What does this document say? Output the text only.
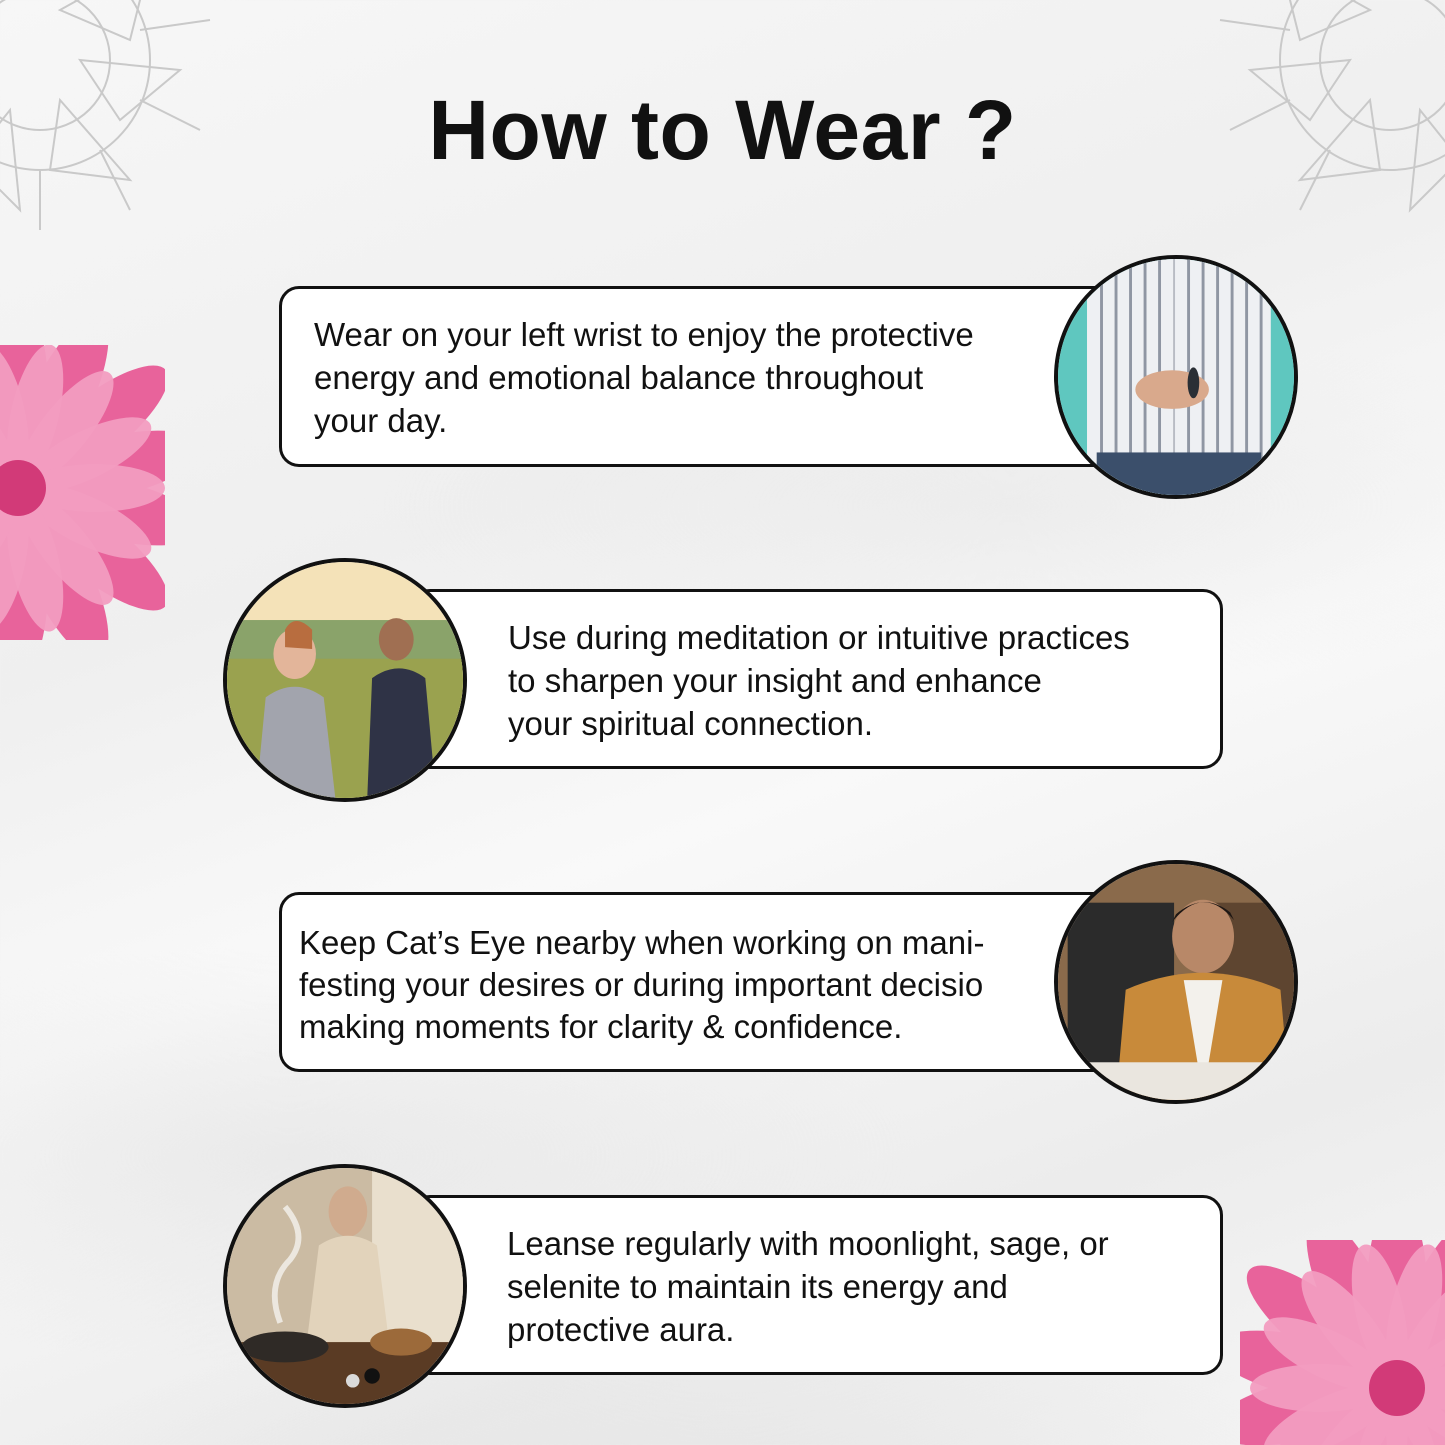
How to Wear ?

Wear on your left wrist to enjoy the protective
energy and emotional balance throughout
your day.

Use during meditation or intuitive practices
to sharpen your insight and enhance
your spiritual connection.

Keep Cat’s Eye nearby when working on mani-
festing your desires or during important decisio
making moments for clarity & confidence.

Leanse regularly with moonlight, sage, or
selenite to maintain its energy and
protective aura.
